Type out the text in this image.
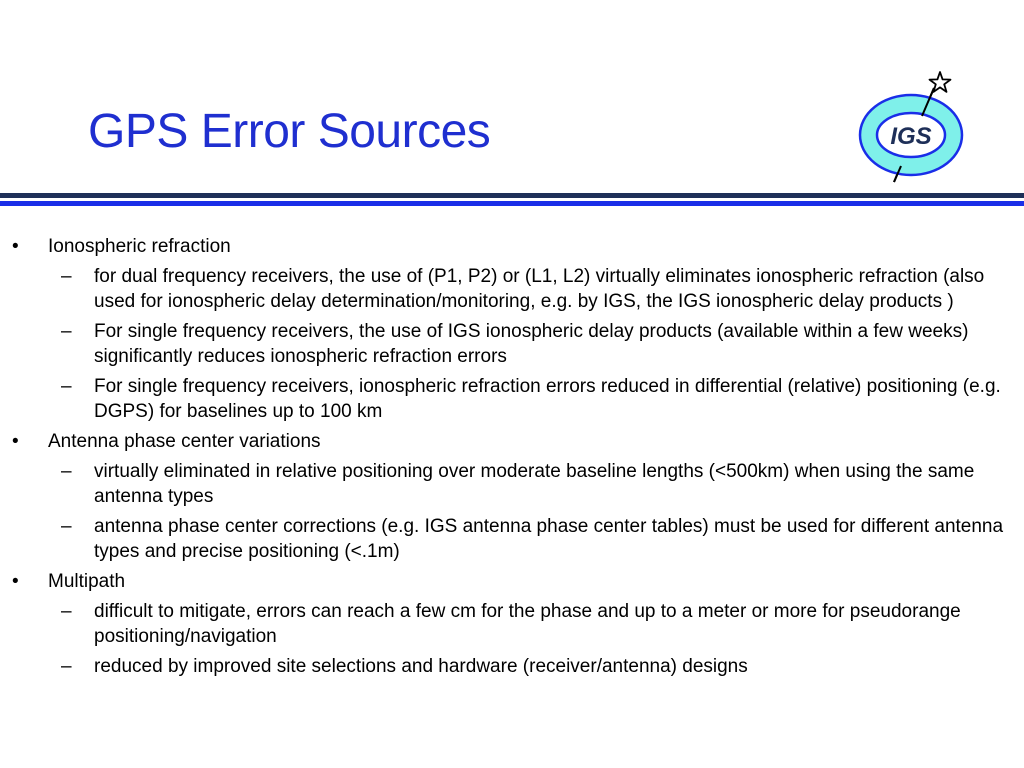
GPS Error Sources	IGS
• Ionospheric refraction
– for dual frequency receivers, the use of (P1, P2) or (L1, L2) virtually eliminates ionospheric refraction (also used for ionospheric delay determination/monitoring, e.g. by IGS, the IGS ionospheric delay products )
– For single frequency receivers, the use of IGS ionospheric delay products (available within a few weeks) significantly reduces ionospheric refraction errors
– For single frequency receivers, ionospheric refraction errors reduced in differential (relative) positioning (e.g. DGPS) for baselines up to 100 km
• Antenna phase center variations
– virtually eliminated in relative positioning over moderate baseline lengths (<500km) when using the same antenna types
– antenna phase center corrections (e.g. IGS antenna phase center tables) must be used for different antenna types and precise positioning (<.1m)
• Multipath
– difficult to mitigate, errors can reach a few cm for the phase and up to a meter or more for pseudorange positioning/navigation
– reduced by improved site selections and hardware (receiver/antenna) designs
